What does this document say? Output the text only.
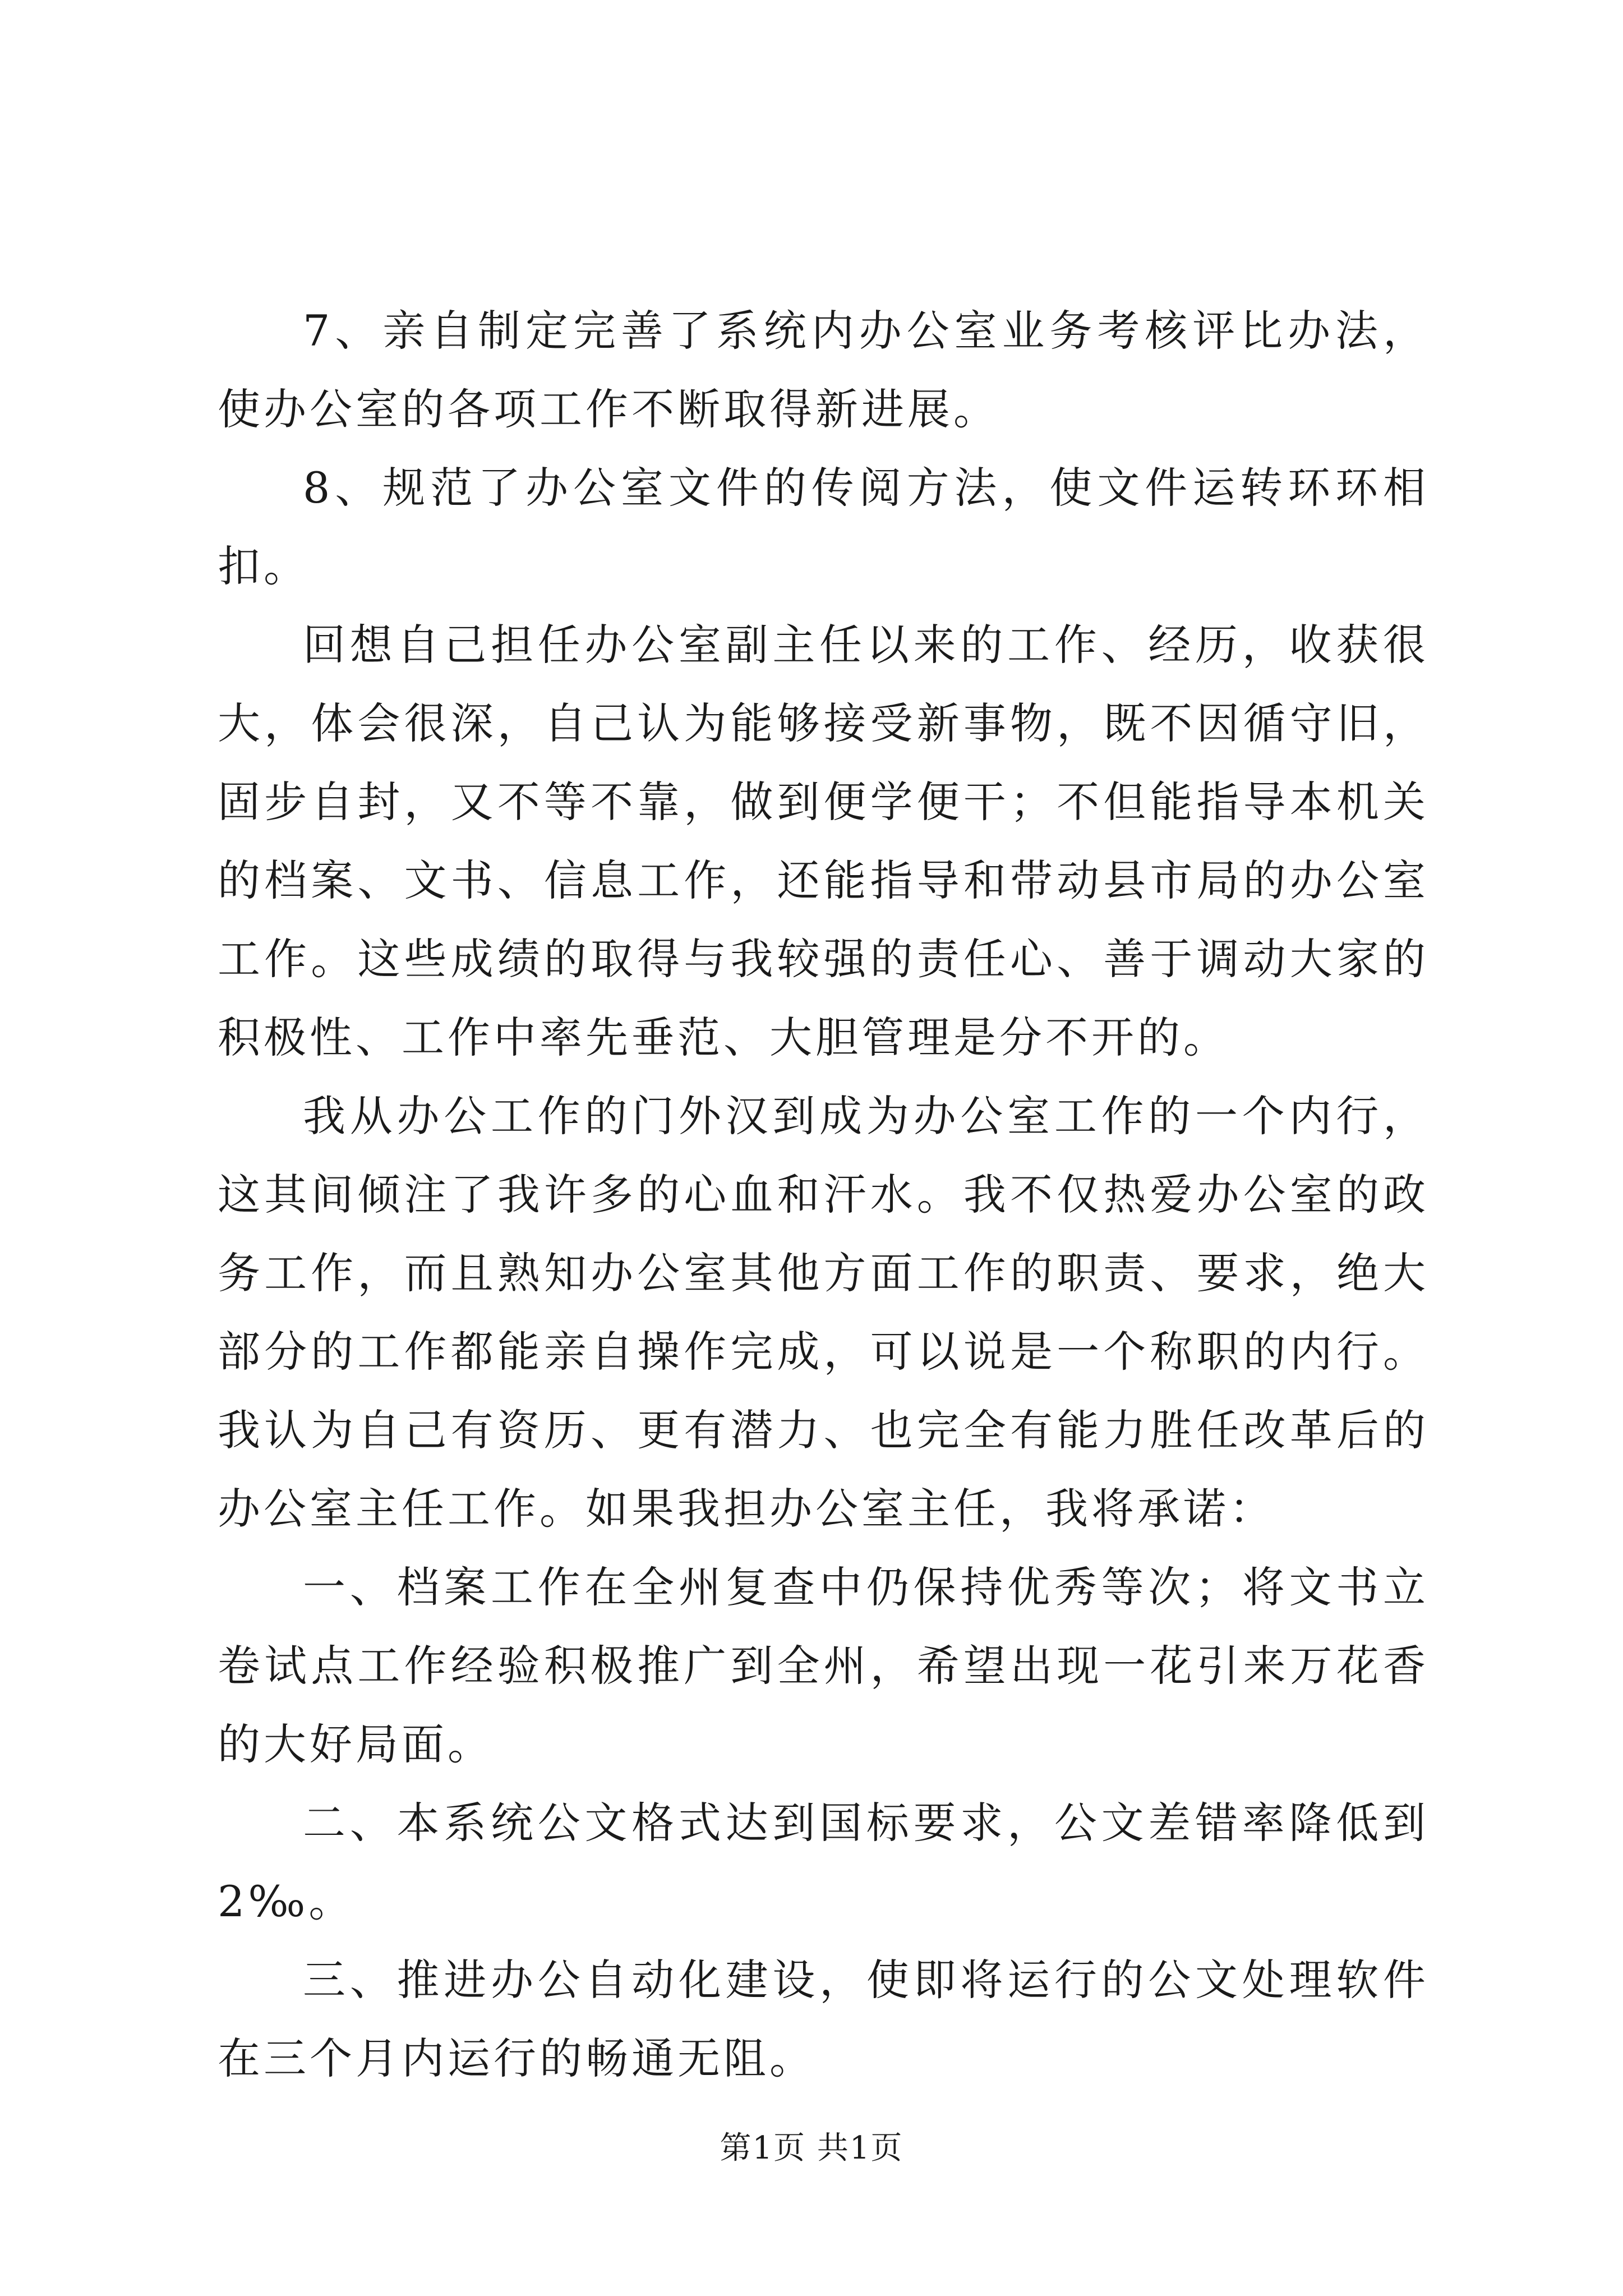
7、亲自制定完善了系统内办公室业务考核评比办法，使办公室的各项工作不断取得新进展。

8、规范了办公室文件的传阅方法，使文件运转环环相扣。

回想自己担任办公室副主任以来的工作、经历，收获很大，体会很深，自己认为能够接受新事物，既不因循守旧，固步自封，又不等不靠，做到便学便干；不但能指导本机关的档案、文书、信息工作，还能指导和带动县市局的办公室工作。这些成绩的取得与我较强的责任心、善于调动大家的积极性、工作中率先垂范、大胆管理是分不开的。

我从办公工作的门外汉到成为办公室工作的一个内行，这其间倾注了我许多的心血和汗水。我不仅热爱办公室的政务工作，而且熟知办公室其他方面工作的职责、要求，绝大部分的工作都能亲自操作完成，可以说是一个称职的内行。我认为自己有资历、更有潜力、也完全有能力胜任改革后的办公室主任工作。如果我担办公室主任，我将承诺：

一、档案工作在全州复查中仍保持优秀等次；将文书立卷试点工作经验积极推广到全州，希望出现一花引来万花香的大好局面。

二、本系统公文格式达到国标要求，公文差错率降低到2‰。

三、推进办公自动化建设，使即将运行的公文处理软件在三个月内运行的畅通无阻。

第1页 共1页
